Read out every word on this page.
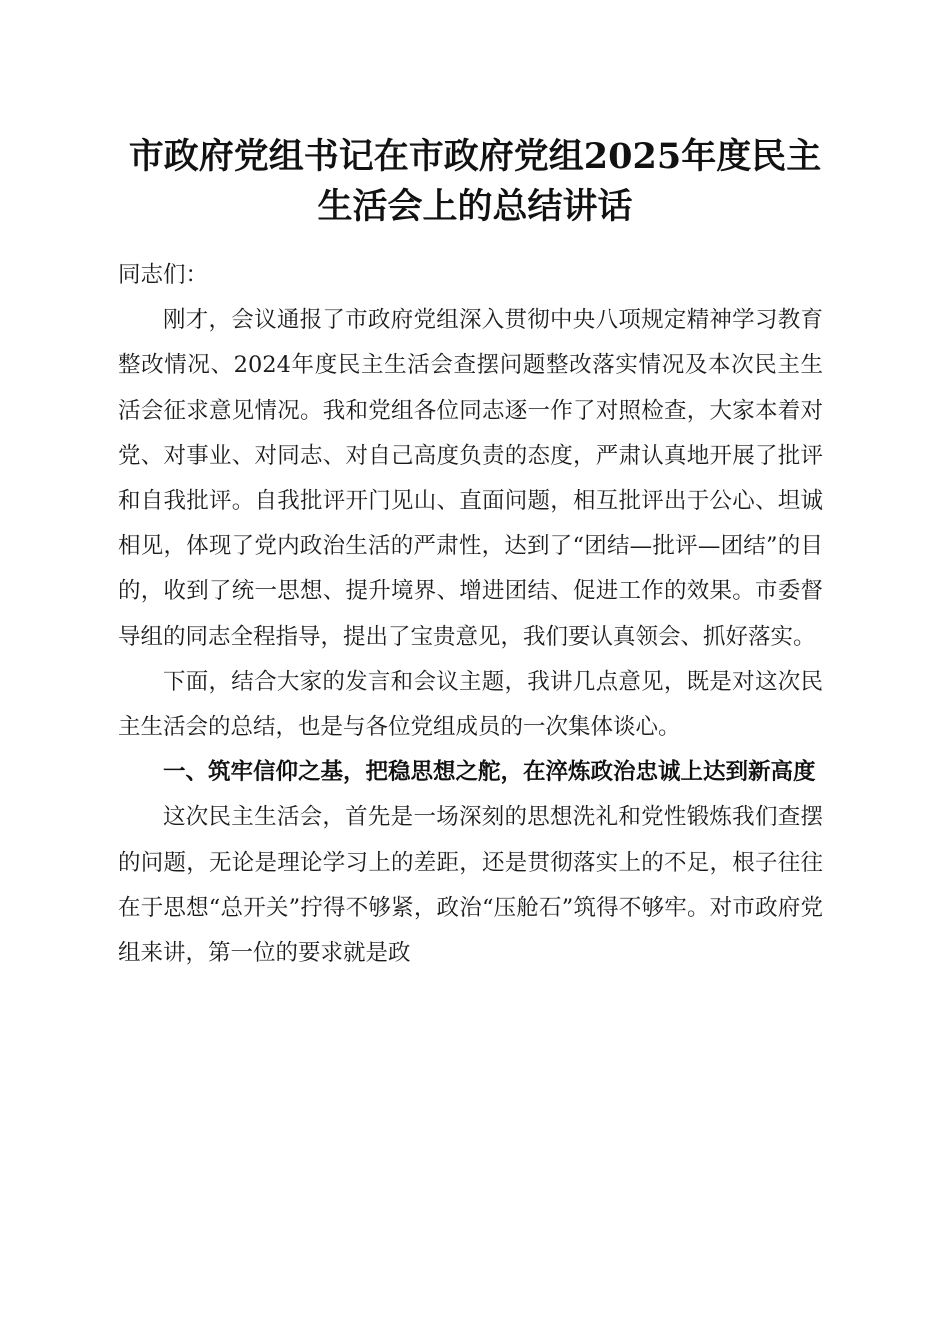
市政府党组书记在市政府党组2025年度民主
生活会上的总结讲话

同志们：

刚才，会议通报了市政府党组深入贯彻中央八项规定精神学习教育整改情况、2024年度民主生活会查摆问题整改落实情况及本次民主生活会征求意见情况。我和党组各位同志逐一作了对照检查，大家本着对党、对事业、对同志、对自己高度负责的态度，严肃认真地开展了批评和自我批评。自我批评开门见山、直面问题，相互批评出于公心、坦诚相见，体现了党内政治生活的严肃性，达到了“团结—批评—团结”的目的，收到了统一思想、提升境界、增进团结、促进工作的效果。市委督导组的同志全程指导，提出了宝贵意见，我们要认真领会、抓好落实。

下面，结合大家的发言和会议主题，我讲几点意见，既是对这次民主生活会的总结，也是与各位党组成员的一次集体谈心。

一、筑牢信仰之基，把稳思想之舵，在淬炼政治忠诚上达到新高度

这次民主生活会，首先是一场深刻的思想洗礼和党性锻炼我们查摆的问题，无论是理论学习上的差距，还是贯彻落实上的不足，根子往往在于思想“总开关”拧得不够紧，政治“压舱石”筑得不够牢。对市政府党组来讲，第一位的要求就是政
